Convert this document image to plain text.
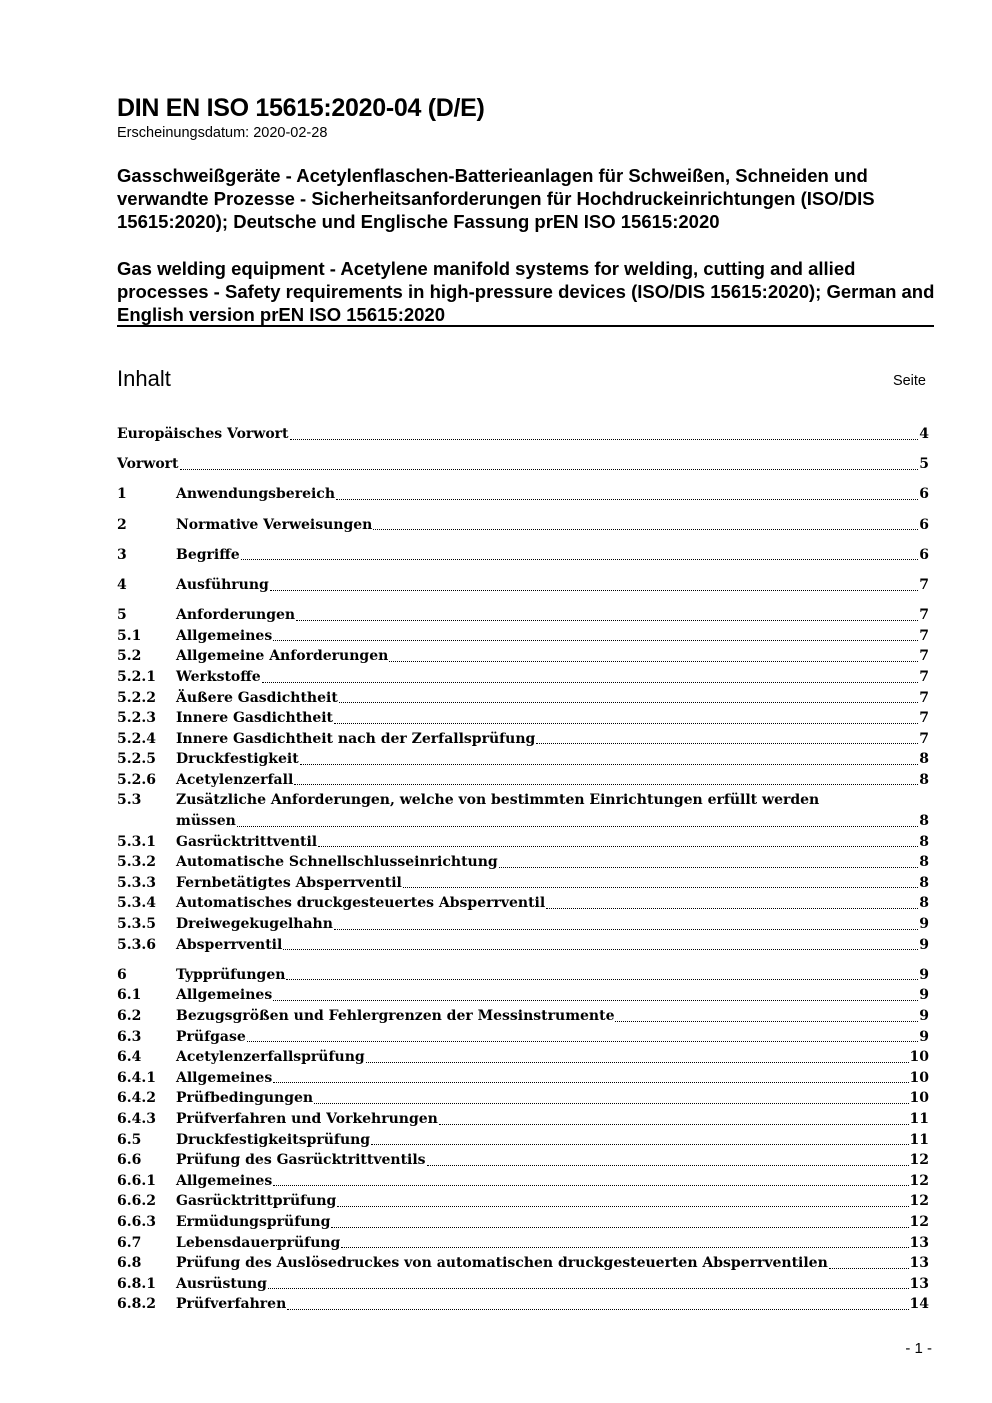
DIN EN ISO 15615:2020-04 (D/E)
Erscheinungsdatum: 2020-02-28
Gasschweißgeräte - Acetylenflaschen-Batterieanlagen für Schweißen, Schneiden und verwandte Prozesse - Sicherheitsanforderungen für Hochdruckeinrichtungen (ISO/DIS 15615:2020); Deutsche und Englische Fassung prEN ISO 15615:2020
Gas welding equipment - Acetylene manifold systems for welding, cutting and allied processes - Safety requirements in high-pressure devices (ISO/DIS 15615:2020); German and English version prEN ISO 15615:2020
Inhalt	Seite
Europäisches Vorwort	4
Vorwort	5
1	Anwendungsbereich	6
2	Normative Verweisungen	6
3	Begriffe	6
4	Ausführung	7
5	Anforderungen	7
5.1	Allgemeines	7
5.2	Allgemeine Anforderungen	7
5.2.1	Werkstoffe	7
5.2.2	Äußere Gasdichtheit	7
5.2.3	Innere Gasdichtheit	7
5.2.4	Innere Gasdichtheit nach der Zerfallsprüfung	7
5.2.5	Druckfestigkeit	8
5.2.6	Acetylenzerfall	8
5.3	Zusätzliche Anforderungen, welche von bestimmten Einrichtungen erfüllt werden
müssen	8
5.3.1	Gasrücktrittventil	8
5.3.2	Automatische Schnellschlusseinrichtung	8
5.3.3	Fernbetätigtes Absperrventil	8
5.3.4	Automatisches druckgesteuertes Absperrventil	8
5.3.5	Dreiwegekugelhahn	9
5.3.6	Absperrventil	9
6	Typprüfungen	9
6.1	Allgemeines	9
6.2	Bezugsgrößen und Fehlergrenzen der Messinstrumente	9
6.3	Prüfgase	9
6.4	Acetylenzerfallsprüfung	10
6.4.1	Allgemeines	10
6.4.2	Prüfbedingungen	10
6.4.3	Prüfverfahren und Vorkehrungen	11
6.5	Druckfestigkeitsprüfung	11
6.6	Prüfung des Gasrücktrittventils	12
6.6.1	Allgemeines	12
6.6.2	Gasrücktrittprüfung	12
6.6.3	Ermüdungsprüfung	12
6.7	Lebensdauerprüfung	13
6.8	Prüfung des Auslösedruckes von automatischen druckgesteuerten Absperrventilen	13
6.8.1	Ausrüstung	13
6.8.2	Prüfverfahren	14
- 1 -
